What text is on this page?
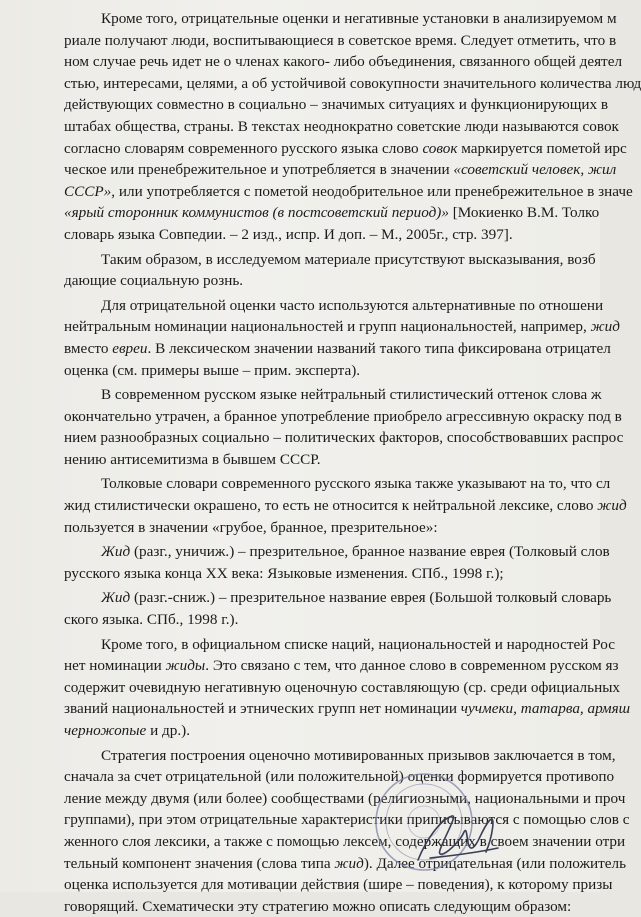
Кроме того, отрицательные оценки и негативные установки в анализируемом м
риале получают люди, воспитывающиеся в советское время. Следует отметить, что в
ном случае речь идет не о членах какого- либо объединения, связанного общей деятел
стью, интересами, целями, а об устойчивой совокупности значительного количества люд
действующих совместно в социально – значимых ситуациях и функционирующих в
штабах общества, страны. В текстах неоднократно советские люди называются совок
согласно словарям современного русского языка слово совок маркируется пометой ирс
ческое или пренебрежительное и употребляется в значении «советский человек, жил
СССР», или употребляется с пометой неодобрительное или пренебрежительное в значе
«ярый сторонник коммунистов (в постсоветский период)» [Мокиенко В.М. Толко
словарь языка Совпедии. – 2 изд., испр. И доп. – М., 2005г., стр. 397].
Таким образом, в исследуемом материале присутствуют высказывания, возб
дающие социальную рознь.
Для отрицательной оценки часто используются альтернативные по отношени
нейтральным номинации национальностей и групп национальностей, например, жид
вместо евреи. В лексическом значении названий такого типа фиксирована отрицател
оценка (см. примеры выше – прим. эксперта).
В современном русском языке нейтральный стилистический оттенок слова ж
окончательно утрачен, а бранное употребление приобрело агрессивную окраску под в
нием разнообразных социально – политических факторов, способствовавших распрос
нению антисемитизма в бывшем СССР.
Толковые словари современного русского языка также указывают на то, что сл
жид стилистически окрашено, то есть не относится к нейтральной лексике, слово жид
пользуется в значении «грубое, бранное, презрительное»:
Жид (разг., уничиж.) – презрительное, бранное название еврея (Толковый слов
русского языка конца XX века: Языковые изменения. СПб., 1998 г.);
Жид (разг.-сниж.) – презрительное название еврея (Большой толковый словарь
ского языка. СПб., 1998 г.).
Кроме того, в официальном списке наций, национальностей и народностей Рос
нет номинации жиды. Это связано с тем, что данное слово в современном русском яз
содержит очевидную негативную оценочную составляющую (ср. среди официальных
званий национальностей и этнических групп нет номинации чучмеки, татарва, армяш
черножопые и др.).
Стратегия построения оценочно мотивированных призывов заключается в том,
сначала за счет отрицательной (или положительной) оценки формируется противопо
ление между двумя (или более) сообществами (религиозными, национальными и проч
группами), при этом отрицательные характеристики приписываются с помощью слов с
женного слоя лексики, а также с помощью лексем, содержащих в своем значении отри
тельный компонент значения (слова типа жид). Далее отрицательная (или положитель
оценка используется для мотивации действия (шире – поведения), к которому призы
говорящий. Схематически эту стратегию можно описать следующим образом:
